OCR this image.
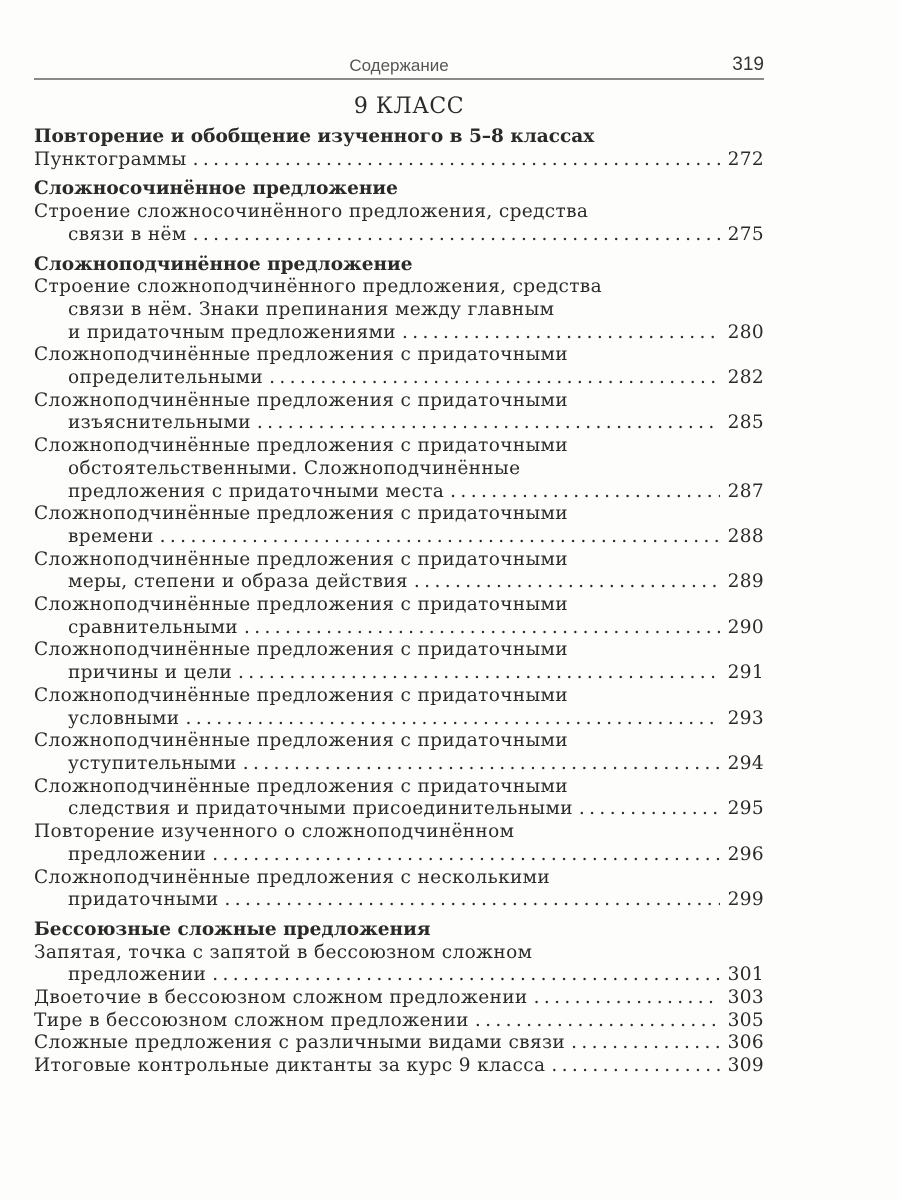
Содержание	319
9 КЛАСС
Повторение и обобщение изученного в 5–8 классах
Пунктограммы . . .	272
Сложносочинённое предложение
Строение сложносочинённого предложения, средства
связи в нём . . .	275
Сложноподчинённое предложение
Строение сложноподчинённого предложения, средства
связи в нём. Знаки препинания между главным
и придаточным предложениями . . .	280
Сложноподчинённые предложения с придаточными
определительными . . .	282
Сложноподчинённые предложения с придаточными
изъяснительными . . .	285
Сложноподчинённые предложения с придаточными
обстоятельственными. Сложноподчинённые
предложения с придаточными места . . .	287
Сложноподчинённые предложения с придаточными
времени . . .	288
Сложноподчинённые предложения с придаточными
меры, степени и образа действия . . .	289
Сложноподчинённые предложения с придаточными
сравнительными . . .	290
Сложноподчинённые предложения с придаточными
причины и цели . . .	291
Сложноподчинённые предложения с придаточными
условными . . .	293
Сложноподчинённые предложения с придаточными
уступительными . . .	294
Сложноподчинённые предложения с придаточными
следствия и придаточными присоединительными . . .	295
Повторение изученного о сложноподчинённом
предложении . . .	296
Сложноподчинённые предложения с несколькими
придаточными . . .	299
Бессоюзные сложные предложения
Запятая, точка с запятой в бессоюзном сложном
предложении . . .	301
Двоеточие в бессоюзном сложном предложении . . .	303
Тире в бессоюзном сложном предложении . . .	305
Сложные предложения с различными видами связи . . .	306
Итоговые контрольные диктанты за курс 9 класса . . .	309
